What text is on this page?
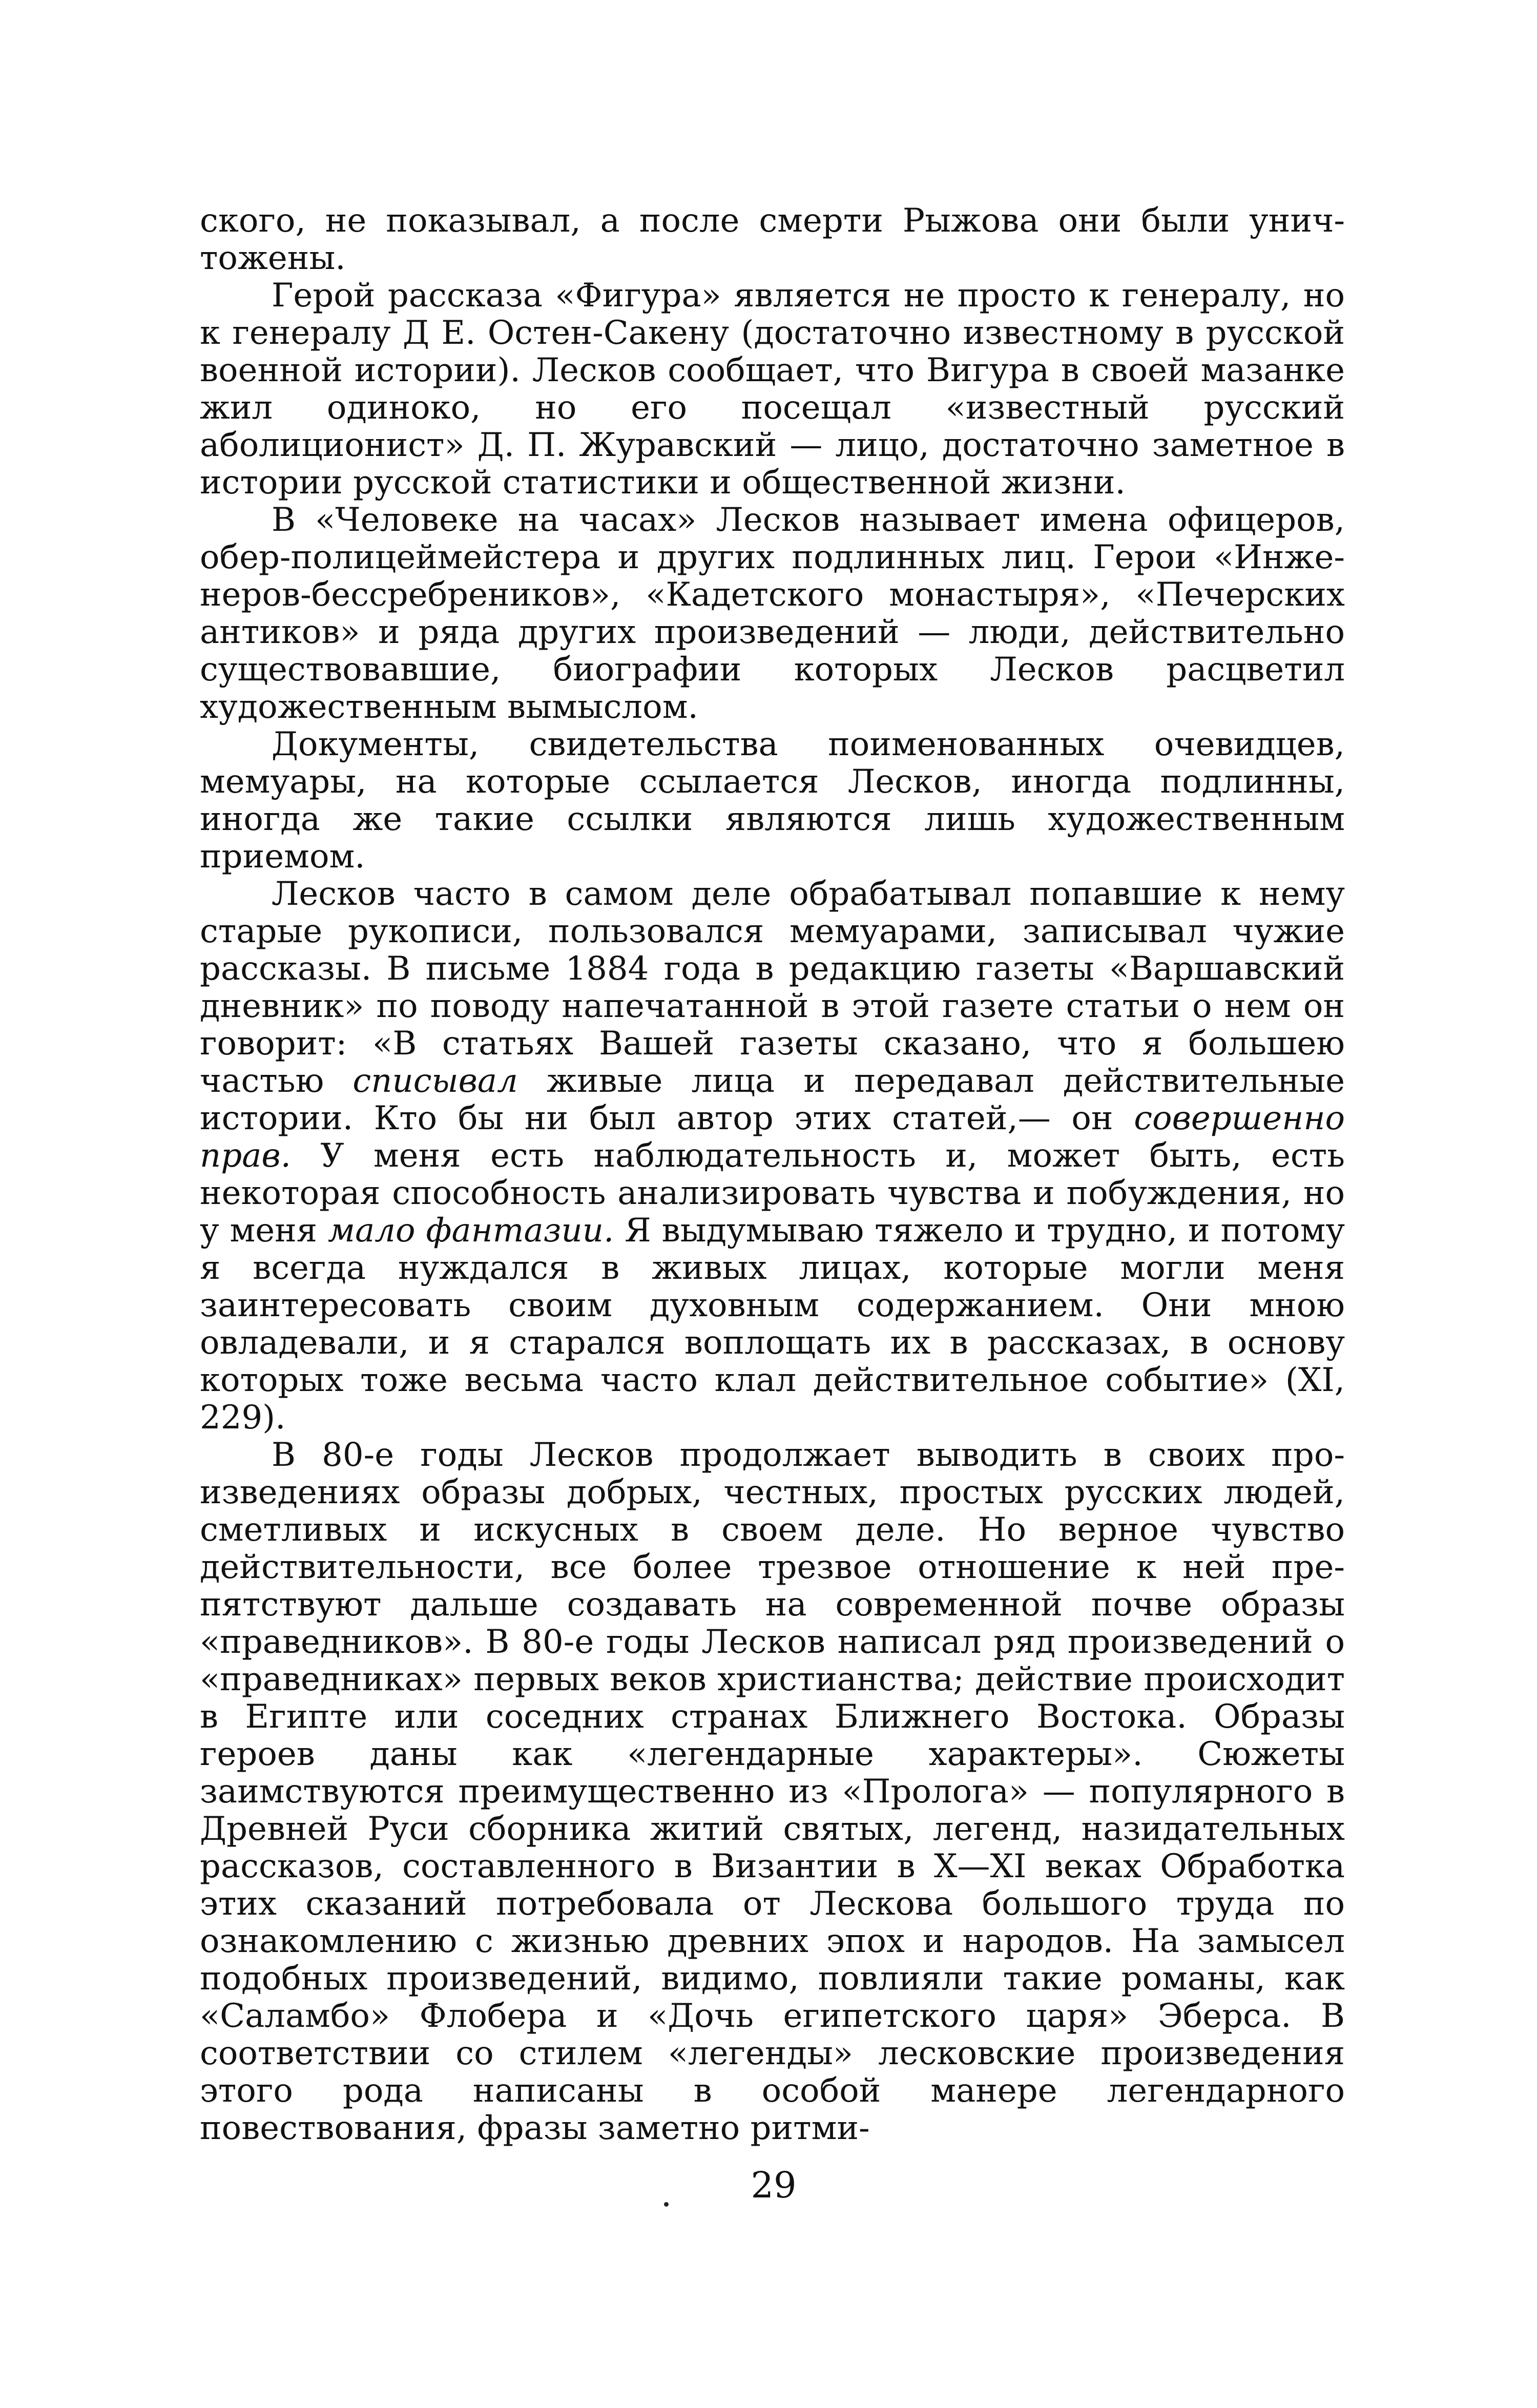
ского, не показывал, а после смерти Рыжова они были уничтожены.

Герой рассказа «Фигура» является не просто к генералу, но к генералу Д Е. Остен-Сакену (достаточно известному в русской военной истории). Лесков сообщает, что Вигура в своей мазанке жил одиноко, но его посещал «известный русский аболиционист» Д. П. Журавский — лицо, достаточно заметное в истории русской статистики и общественной жизни.

В «Человеке на часах» Лесков называет имена офицеров, обер-полицеймейстера и других подлинных лиц. Герои «Инженеров-бессребреников», «Кадетского монастыря», «Печерских антиков» и ряда других произведений — люди, действительно существовавшие, биографии которых Лесков расцветил художественным вымыслом.

Документы, свидетельства поименованных очевидцев, мемуары, на которые ссылается Лесков, иногда подлинны, иногда же такие ссылки являются лишь художественным приемом.

Лесков часто в самом деле обрабатывал попавшие к нему старые рукописи, пользовался мемуарами, записывал чужие рассказы. В письме 1884 года в редакцию газеты «Варшавский дневник» по поводу напечатанной в этой газете статьи о нем он говорит: «В статьях Вашей газеты сказано, что я большею частью списывал живые лица и передавал действительные истории. Кто бы ни был автор этих статей,— он совершенно прав. У меня есть наблюдательность и, может быть, есть некоторая способность анализировать чувства и побуждения, но у меня мало фантазии. Я выдумываю тяжело и трудно, и потому я всегда нуждался в живых лицах, которые могли меня заинтересовать своим духовным содержанием. Они мною овладевали, и я старался воплощать их в рассказах, в основу которых тоже весьма часто клал действительное событие» (XI, 229).

В 80-е годы Лесков продолжает выводить в своих произведениях образы добрых, честных, простых русских людей, сметливых и искусных в своем деле. Но верное чувство действительности, все более трезвое отношение к ней препятствуют дальше создавать на современной почве образы «праведников». В 80-е годы Лесков написал ряд произведений о «праведниках» первых веков христианства; действие происходит в Египте или соседних странах Ближнего Востока. Образы героев даны как «легендарные характеры». Сюжеты заимствуются преимущественно из «Пролога» — популярного в Древней Руси сборника житий святых, легенд, назидательных рассказов, составленного в Византии в X—XI веках Обработка этих сказаний потребовала от Лескова большого труда по ознакомлению с жизнью древних эпох и народов. На замысел подобных произведений, видимо, повлияли такие романы, как «Саламбо» Флобера и «Дочь египетского царя» Эберса. В соответствии со стилем «легенды» лесковские произведения этого рода написаны в особой манере легендарного повествования, фразы заметно ритми-

29
